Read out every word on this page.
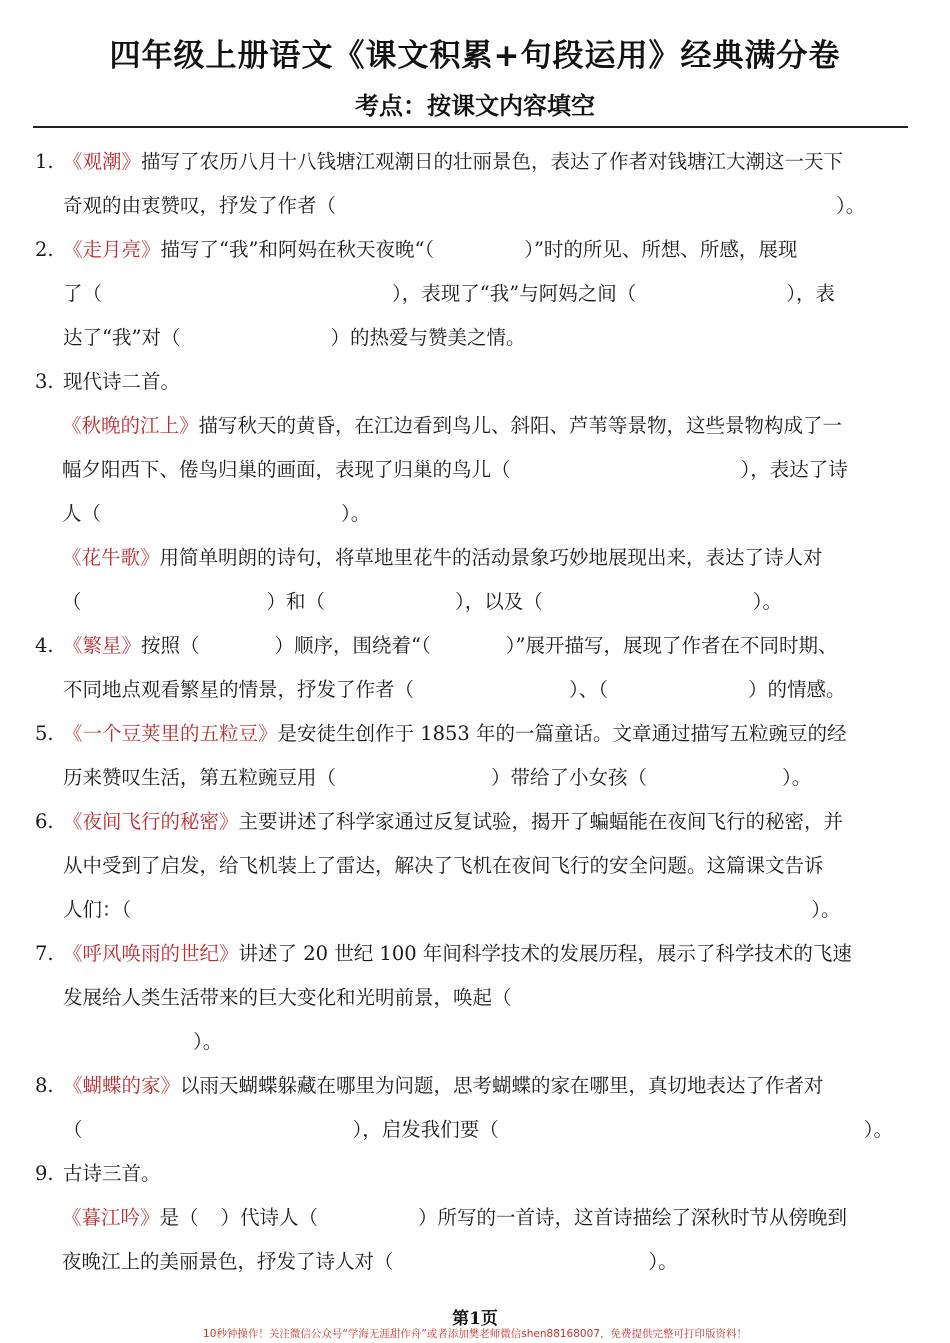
四年级上册语文《课文积累+句段运用》经典满分卷
考点：按课文内容填空
1. 《观潮》描写了农历八月十八钱塘江观潮日的壮丽景色，表达了作者对钱塘江大潮这一天下
奇观的由衷赞叹，抒发了作者（	）。
2. 《走月亮》描写了“我”和阿妈在秋天夜晚“（	）”时的所见、所想、所感，展现
了（	），表现了“我”与阿妈之间（	），表
达了“我”对（	）的热爱与赞美之情。
3. 现代诗二首。
《秋晚的江上》描写秋天的黄昏，在江边看到鸟儿、斜阳、芦苇等景物，这些景物构成了一
幅夕阳西下、倦鸟归巢的画面，表现了归巢的鸟儿（	），表达了诗
人（	）。
《花牛歌》用简单明朗的诗句，将草地里花牛的活动景象巧妙地展现出来，表达了诗人对
（	）和（	），以及（	）。
4. 《繁星》按照（	）顺序，围绕着“（	）”展开描写，展现了作者在不同时期、
不同地点观看繁星的情景，抒发了作者（	）、（	）的情感。
5. 《一个豆荚里的五粒豆》是安徒生创作于 1853 年的一篇童话。文章通过描写五粒豌豆的经
历来赞叹生活，第五粒豌豆用（	）带给了小女孩（	）。
6. 《夜间飞行的秘密》主要讲述了科学家通过反复试验，揭开了蝙蝠能在夜间飞行的秘密，并
从中受到了启发，给飞机装上了雷达，解决了飞机在夜间飞行的安全问题。这篇课文告诉
人们：（	）。
7. 《呼风唤雨的世纪》讲述了 20 世纪 100 年间科学技术的发展历程，展示了科学技术的飞速
发展给人类生活带来的巨大变化和光明前景，唤起（
）。
8. 《蝴蝶的家》以雨天蝴蝶躲藏在哪里为问题，思考蝴蝶的家在哪里，真切地表达了作者对
（	），启发我们要（	）。
9. 古诗三首。
《暮江吟》是（ ）代诗人（	）所写的一首诗，这首诗描绘了深秋时节从傍晚到
夜晚江上的美丽景色，抒发了诗人对（	）。
第1页
10秒钟操作！关注微信公众号“学海无涯甜作舟”或者添加樊老师微信shen88168007，免费提供完整可打印版资料！
